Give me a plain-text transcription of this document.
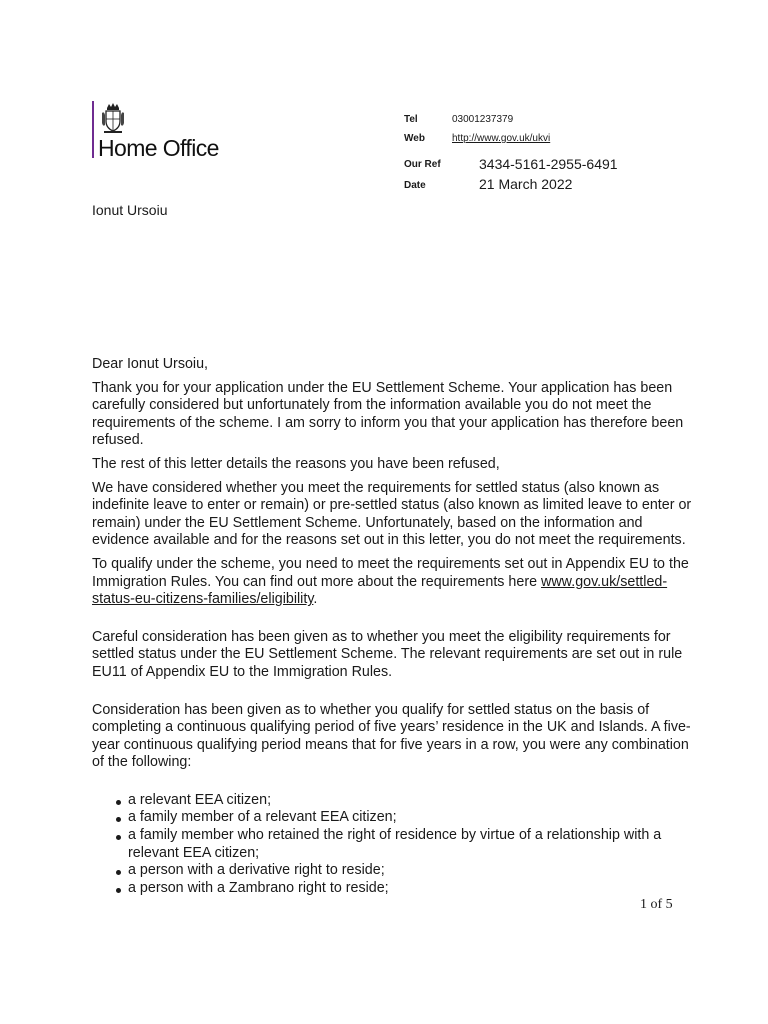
Home Office
Tel	03001237379
Web	http://www.gov.uk/ukvi
Our Ref	3434-5161-2955-6491
Date	21 March 2022
Ionut Ursoiu

Dear Ionut Ursoiu,

Thank you for your application under the EU Settlement Scheme. Your application has been carefully considered but unfortunately from the information available you do not meet the requirements of the scheme. I am sorry to inform you that your application has therefore been refused.

The rest of this letter details the reasons you have been refused,

We have considered whether you meet the requirements for settled status (also known as indefinite leave to enter or remain) or pre-settled status (also known as limited leave to enter or remain) under the EU Settlement Scheme. Unfortunately, based on the information and evidence available and for the reasons set out in this letter, you do not meet the requirements.

To qualify under the scheme, you need to meet the requirements set out in Appendix EU to the Immigration Rules. You can find out more about the requirements here www.gov.uk/settled-status-eu-citizens-families/eligibility.

Careful consideration has been given as to whether you meet the eligibility requirements for settled status under the EU Settlement Scheme. The relevant requirements are set out in rule EU11 of Appendix EU to the Immigration Rules.

Consideration has been given as to whether you qualify for settled status on the basis of completing a continuous qualifying period of five years’ residence in the UK and Islands. A five-year continuous qualifying period means that for five years in a row, you were any combination of the following:

a relevant EEA citizen;
a family member of a relevant EEA citizen;
a family member who retained the right of residence by virtue of a relationship with a relevant EEA citizen;
a person with a derivative right to reside;
a person with a Zambrano right to reside;
1 of 5
